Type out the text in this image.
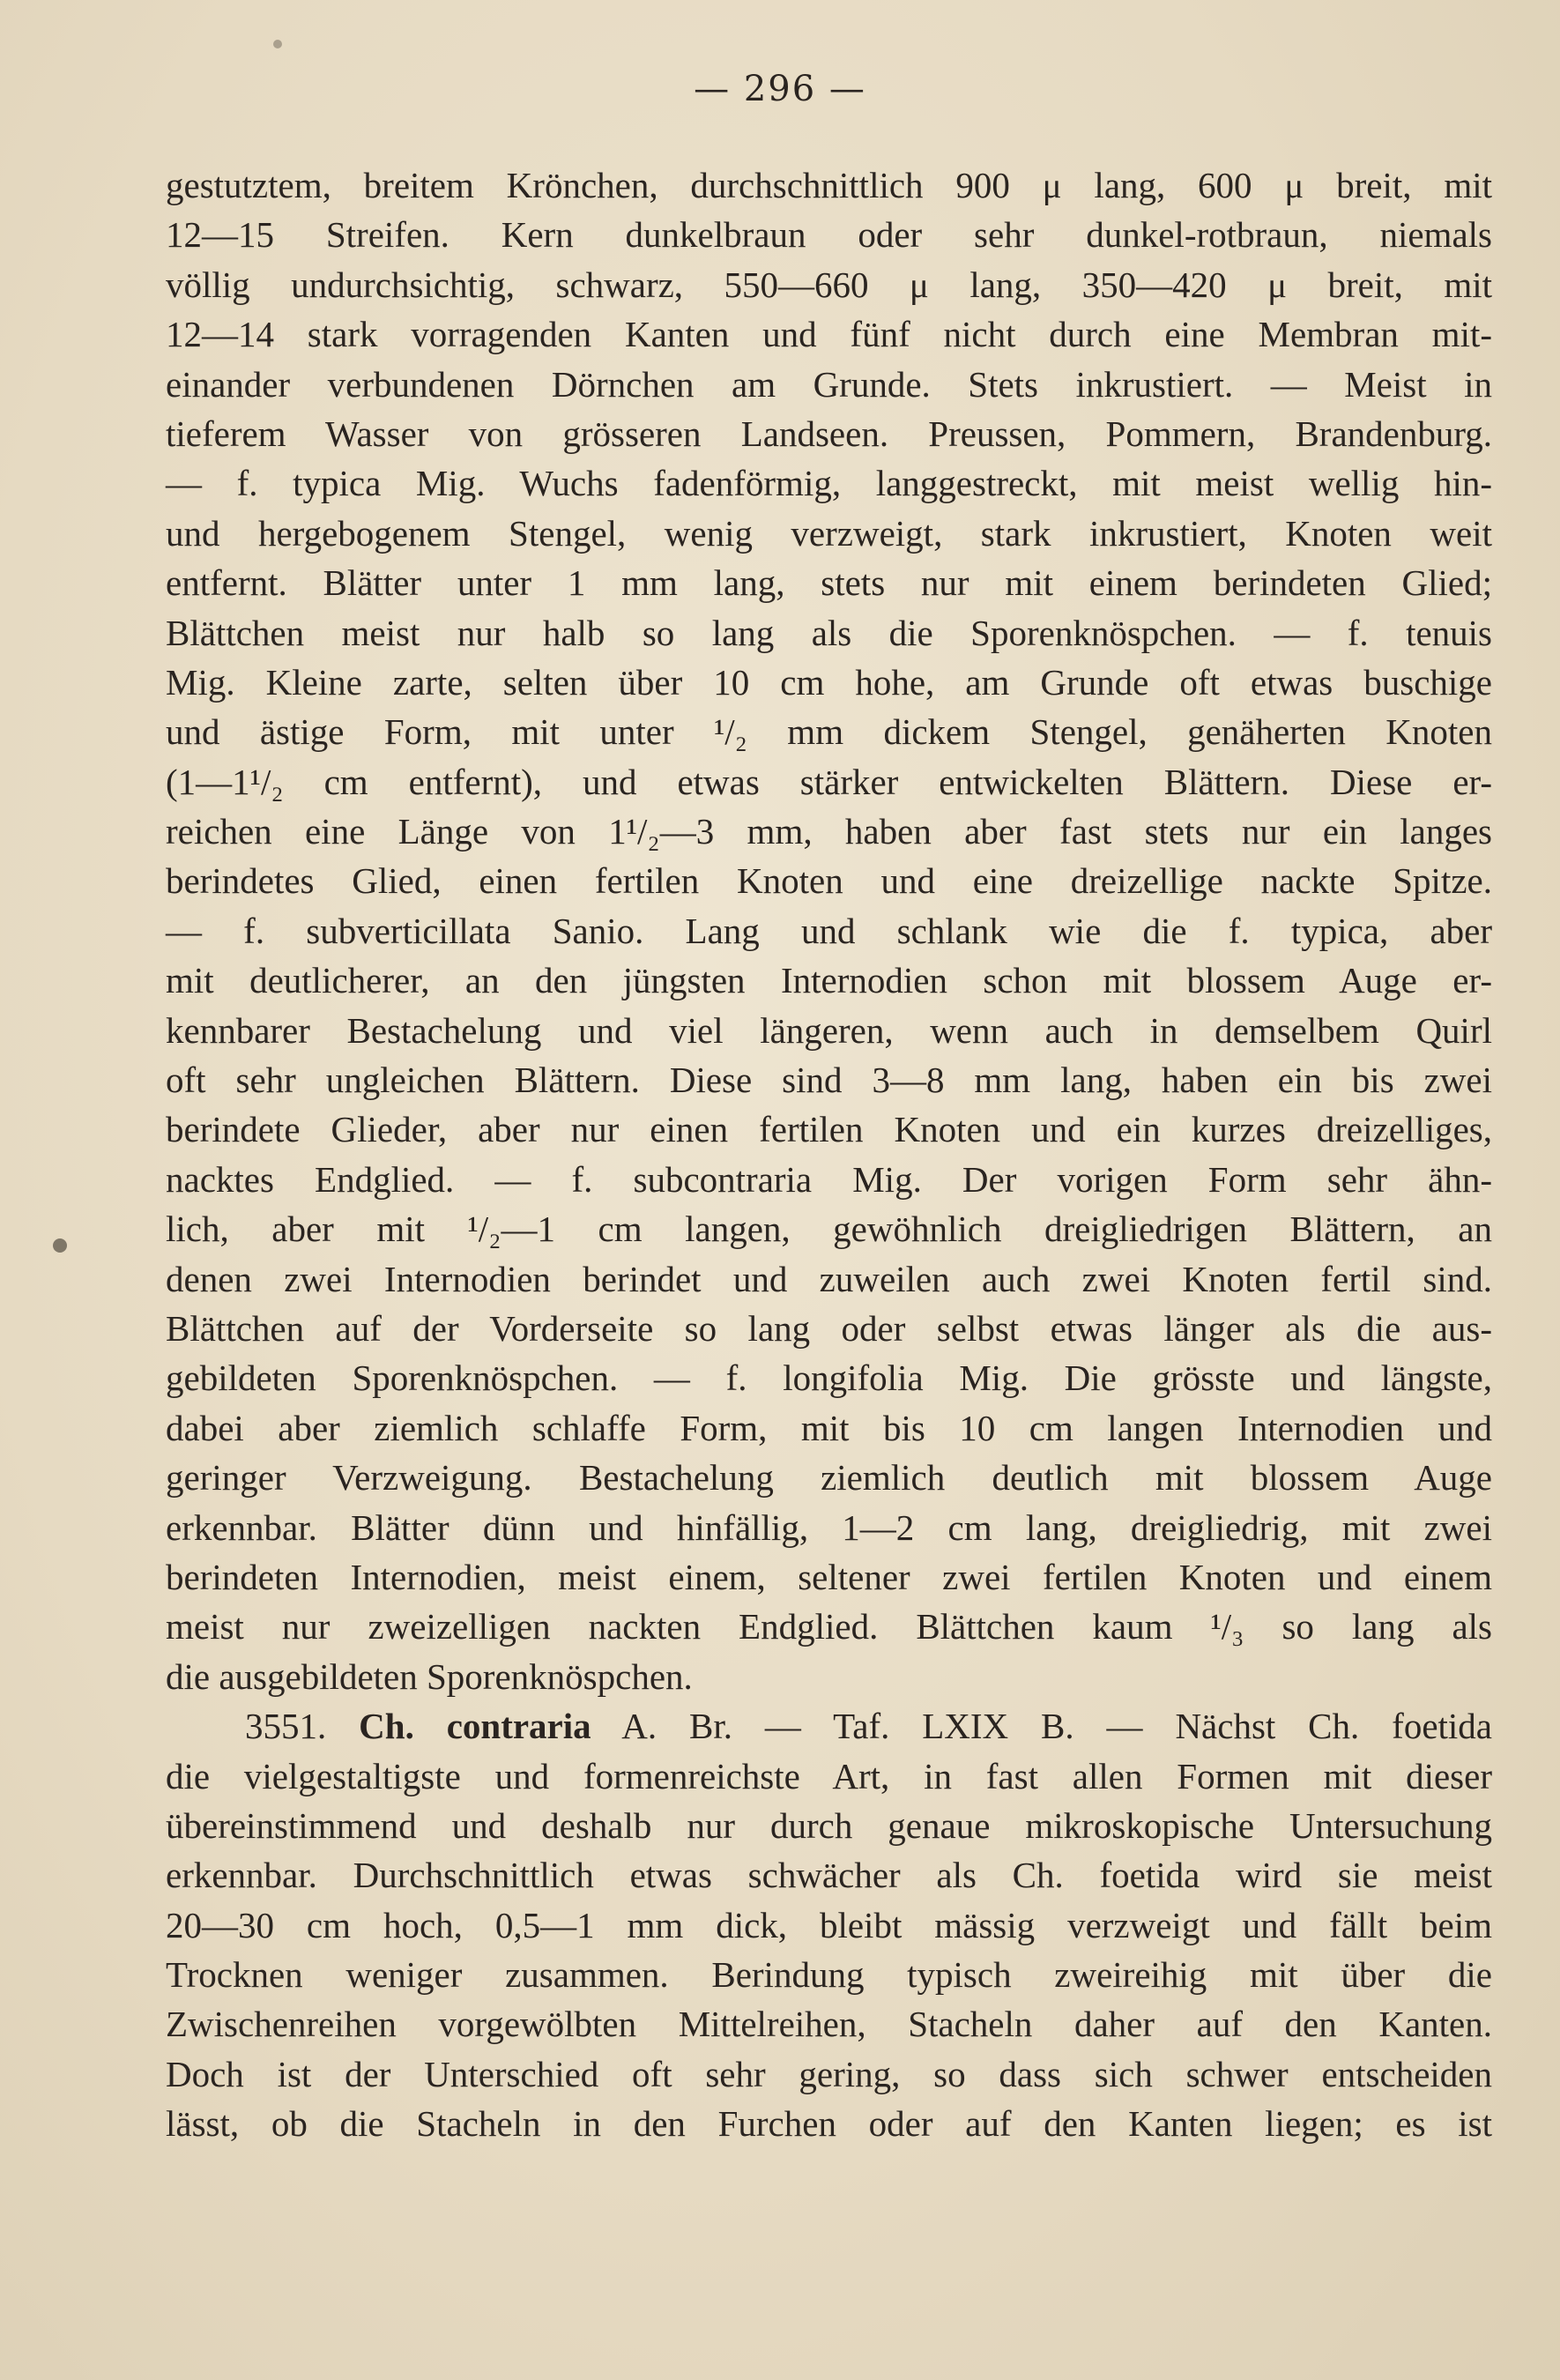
— 296 —
gestutztem, breitem Krönchen, durchschnittlich 900 μ lang, 600 μ breit, mit
12—15 Streifen. Kern dunkelbraun oder sehr dunkel-rotbraun, niemals
völlig undurchsichtig, schwarz, 550—660 μ lang, 350—420 μ breit, mit
12—14 stark vorragenden Kanten und fünf nicht durch eine Membran mit-
einander verbundenen Dörnchen am Grunde. Stets inkrustiert. — Meist in
tieferem Wasser von grösseren Landseen. Preussen, Pommern, Brandenburg.
— f. typica Mig. Wuchs fadenförmig, langgestreckt, mit meist wellig hin-
und hergebogenem Stengel, wenig verzweigt, stark inkrustiert, Knoten weit
entfernt. Blätter unter 1 mm lang, stets nur mit einem berindeten Glied;
Blättchen meist nur halb so lang als die Sporenknöspchen. — f. tenuis
Mig. Kleine zarte, selten über 10 cm hohe, am Grunde oft etwas buschige
und ästige Form, mit unter ¹/₂ mm dickem Stengel, genäherten Knoten
(1—1¹/₂ cm entfernt), und etwas stärker entwickelten Blättern. Diese er-
reichen eine Länge von 1¹/₂—3 mm, haben aber fast stets nur ein langes
berindetes Glied, einen fertilen Knoten und eine dreizellige nackte Spitze.
— f. subverticillata Sanio. Lang und schlank wie die f. typica, aber
mit deutlicherer, an den jüngsten Internodien schon mit blossem Auge er-
kennbarer Bestachelung und viel längeren, wenn auch in demselbem Quirl
oft sehr ungleichen Blättern. Diese sind 3—8 mm lang, haben ein bis zwei
berindete Glieder, aber nur einen fertilen Knoten und ein kurzes dreizelliges,
nacktes Endglied. — f. subcontraria Mig. Der vorigen Form sehr ähn-
lich, aber mit ¹/₂—1 cm langen, gewöhnlich dreigliedrigen Blättern, an
denen zwei Internodien berindet und zuweilen auch zwei Knoten fertil sind.
Blättchen auf der Vorderseite so lang oder selbst etwas länger als die aus-
gebildeten Sporenknöspchen. — f. longifolia Mig. Die grösste und längste,
dabei aber ziemlich schlaffe Form, mit bis 10 cm langen Internodien und
geringer Verzweigung. Bestachelung ziemlich deutlich mit blossem Auge
erkennbar. Blätter dünn und hinfällig, 1—2 cm lang, dreigliedrig, mit zwei
berindeten Internodien, meist einem, seltener zwei fertilen Knoten und einem
meist nur zweizelligen nackten Endglied. Blättchen kaum ¹/₃ so lang als
die ausgebildeten Sporenknöspchen.
3551. Ch. contraria A. Br. — Taf. LXIX B. — Nächst Ch. foetida
die vielgestaltigste und formenreichste Art, in fast allen Formen mit dieser
übereinstimmend und deshalb nur durch genaue mikroskopische Untersuchung
erkennbar. Durchschnittlich etwas schwächer als Ch. foetida wird sie meist
20—30 cm hoch, 0,5—1 mm dick, bleibt mässig verzweigt und fällt beim
Trocknen weniger zusammen. Berindung typisch zweireihig mit über die
Zwischenreihen vorgewölbten Mittelreihen, Stacheln daher auf den Kanten.
Doch ist der Unterschied oft sehr gering, so dass sich schwer entscheiden
lässt, ob die Stacheln in den Furchen oder auf den Kanten liegen; es ist
